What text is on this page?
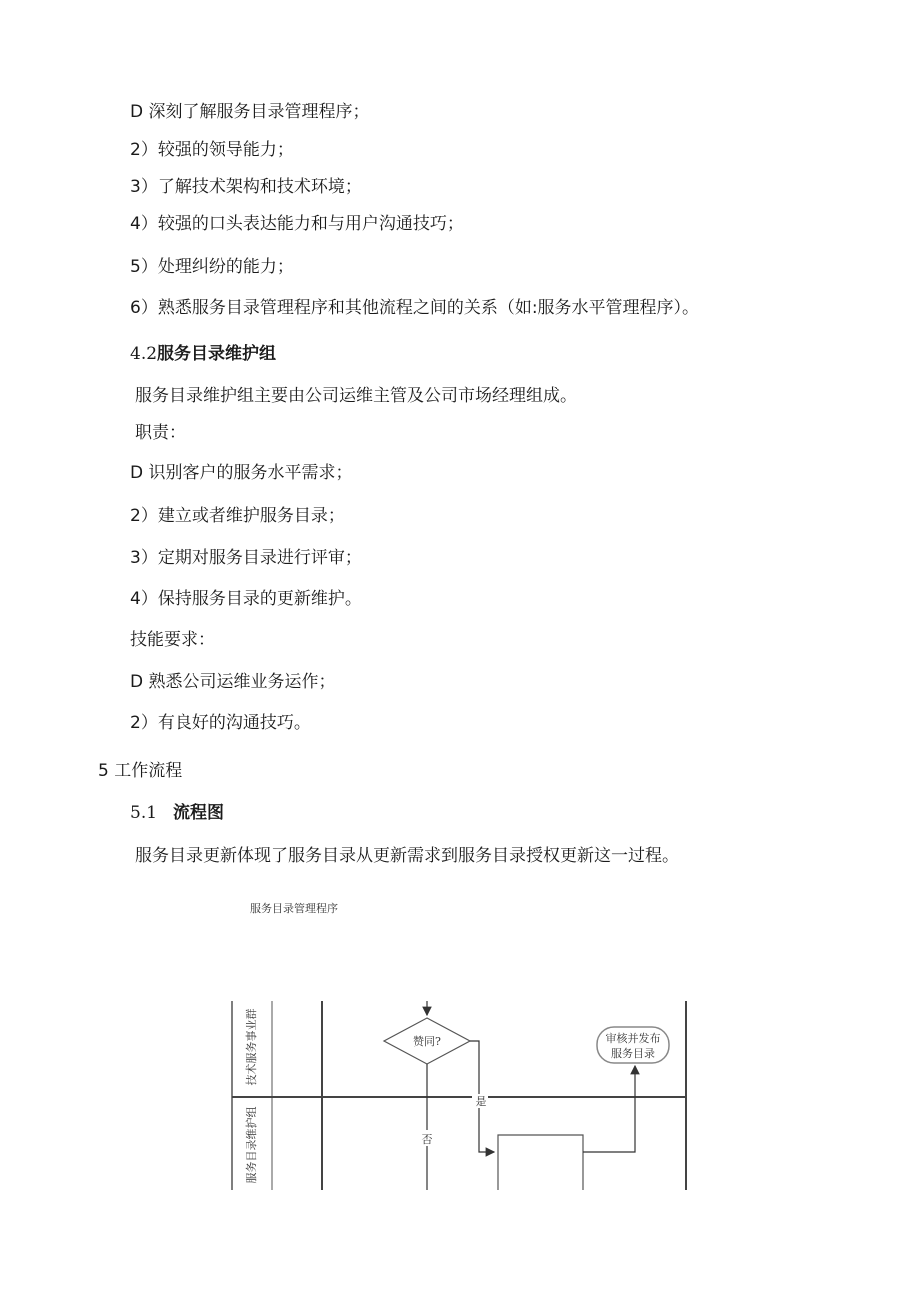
D 深刻了解服务目录管理程序；
2）较强的领导能力；
3）了解技术架构和技术环境；
4）较强的口头表达能力和与用户沟通技巧；
5）处理纠纷的能力；
6）熟悉服务目录管理程序和其他流程之间的关系（如:服务水平管理程序）。
4.2服务目录维护组
服务目录维护组主要由公司运维主管及公司市场经理组成。
职责：
D 识别客户的服务水平需求；
2）建立或者维护服务目录；
3）定期对服务目录进行评审；
4）保持服务目录的更新维护。
技能要求：
D 熟悉公司运维业务运作；
2）有良好的沟通技巧。
5 工作流程
5.1 流程图
服务目录更新体现了服务目录从更新需求到服务目录授权更新这一过程。
服务目录管理程序
技术服务事业群
服务目录维护组
赞同?
否
是
审核并发布
服务目录
